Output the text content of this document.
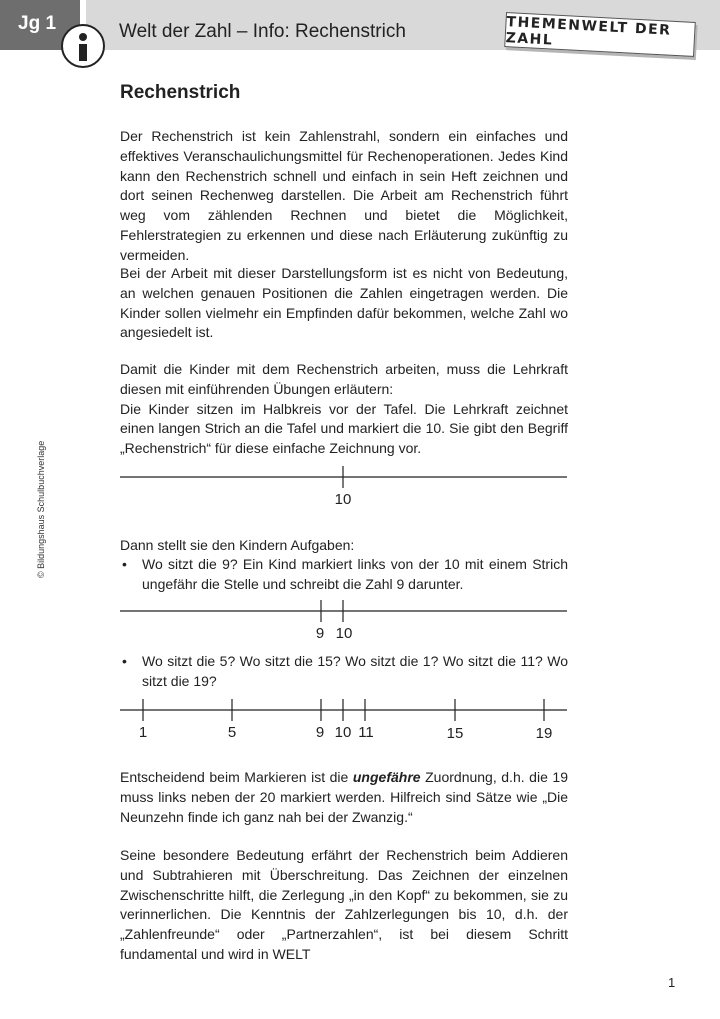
Jg 1	Welt der Zahl – Info: Rechenstrich	THEMENWELT DER ZAHL
© Bildungshaus Schulbuchverlage
Rechenstrich

Der Rechenstrich ist kein Zahlenstrahl, sondern ein einfaches und effektives Veranschaulichungsmittel für Rechenoperationen. Jedes Kind kann den Rechenstrich schnell und einfach in sein Heft zeichnen und dort seinen Rechenweg darstellen. Die Arbeit am Rechenstrich führt weg vom zählenden Rechnen und bietet die Möglichkeit, Fehlerstrategien zu erkennen und diese nach Erläuterung zukünftig zu vermeiden.

Bei der Arbeit mit dieser Darstellungsform ist es nicht von Bedeutung, an welchen genauen Positionen die Zahlen eingetragen werden. Die Kinder sollen vielmehr ein Empfinden dafür bekommen, welche Zahl wo angesiedelt ist.

Damit die Kinder mit dem Rechenstrich arbeiten, muss die Lehrkraft diesen mit einführenden Übungen erläutern:
Die Kinder sitzen im Halbkreis vor der Tafel. Die Lehrkraft zeichnet einen langen Strich an die Tafel und markiert die 10. Sie gibt den Begriff „Rechenstrich“ für diese einfache Zeichnung vor.
10

Dann stellt sie den Kindern Aufgaben:

• Wo sitzt die 9? Ein Kind markiert links von der 10 mit einem Strich ungefähr die Stelle und schreibt die Zahl 9 darunter.
9 10
• Wo sitzt die 5? Wo sitzt die 15? Wo sitzt die 1? Wo sitzt die 11? Wo sitzt die 19?
1	5	9 10 11	15	19

Entscheidend beim Markieren ist die ungefähre Zuordnung, d.h. die 19 muss links neben der 20 markiert werden. Hilfreich sind Sätze wie „Die Neunzehn finde ich ganz nah bei der Zwanzig.“

Seine besondere Bedeutung erfährt der Rechenstrich beim Addieren und Subtrahieren mit Überschreitung. Das Zeichnen der einzelnen Zwischenschritte hilft, die Zerlegung „in den Kopf“ zu bekommen, sie zu verinnerlichen. Die Kenntnis der Zahlzerlegungen bis 10, d.h. der „Zahlenfreunde“ oder „Partnerzahlen“, ist bei diesem Schritt fundamental und wird in WELT

1
